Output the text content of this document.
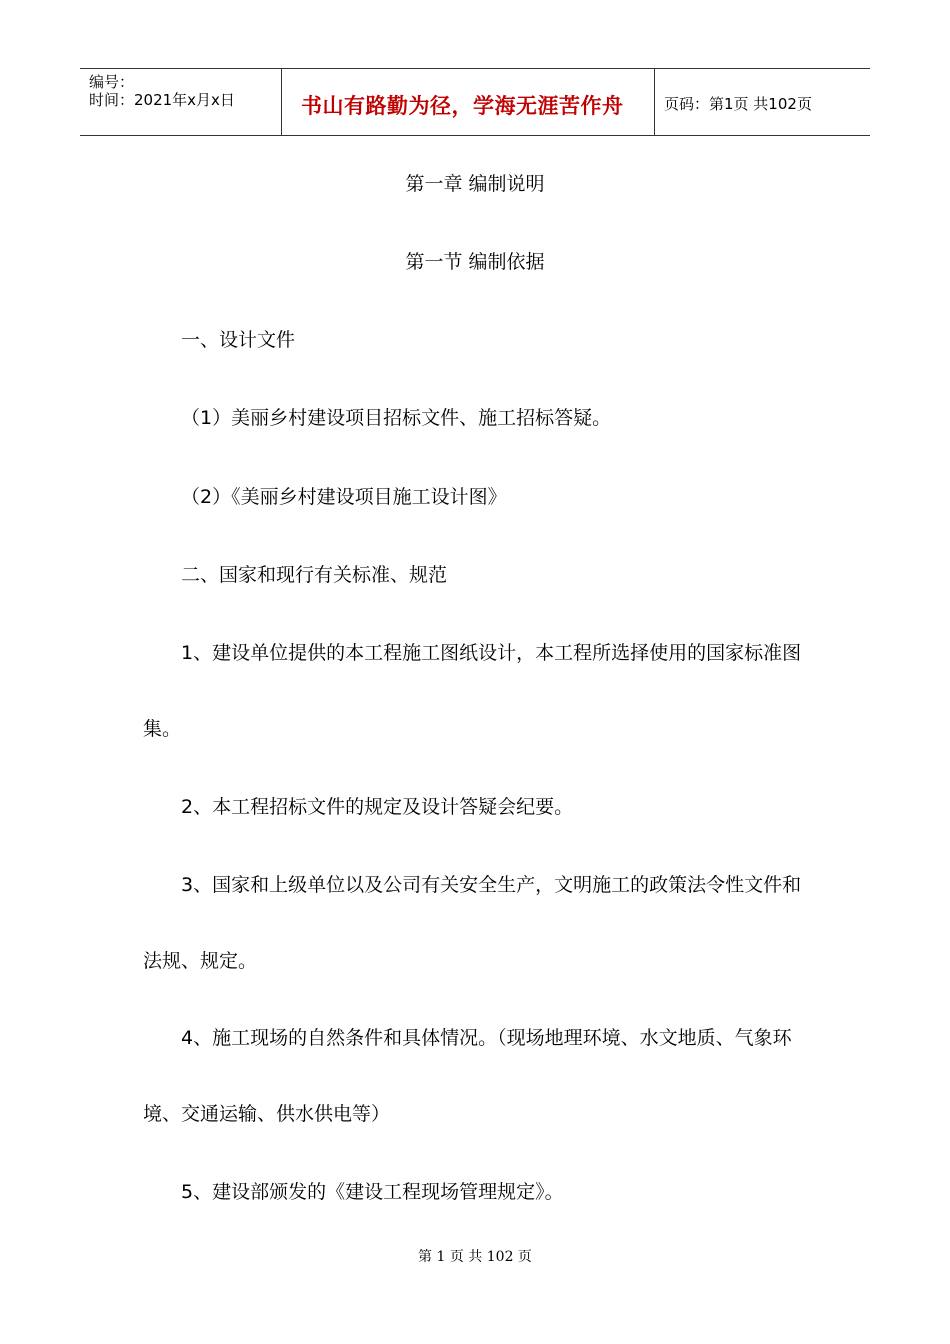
编号：
时间：2021年x月x日	书山有路勤为径，学海无涯苦作舟	页码：第1页 共102页
第一章 编制说明
第一节 编制依据
一、设计文件
（1）美丽乡村建设项目招标文件、施工招标答疑。
（2）《美丽乡村建设项目施工设计图》
二、国家和现行有关标准、规范
1、建设单位提供的本工程施工图纸设计，本工程所选择使用的国家标准图
集。
2、本工程招标文件的规定及设计答疑会纪要。
3、国家和上级单位以及公司有关安全生产，文明施工的政策法令性文件和
法规、规定。
4、施工现场的自然条件和具体情况。（现场地理环境、水文地质、气象环
境、交通运输、供水供电等）
5、建设部颁发的《建设工程现场管理规定》。
第 1 页 共 102 页
